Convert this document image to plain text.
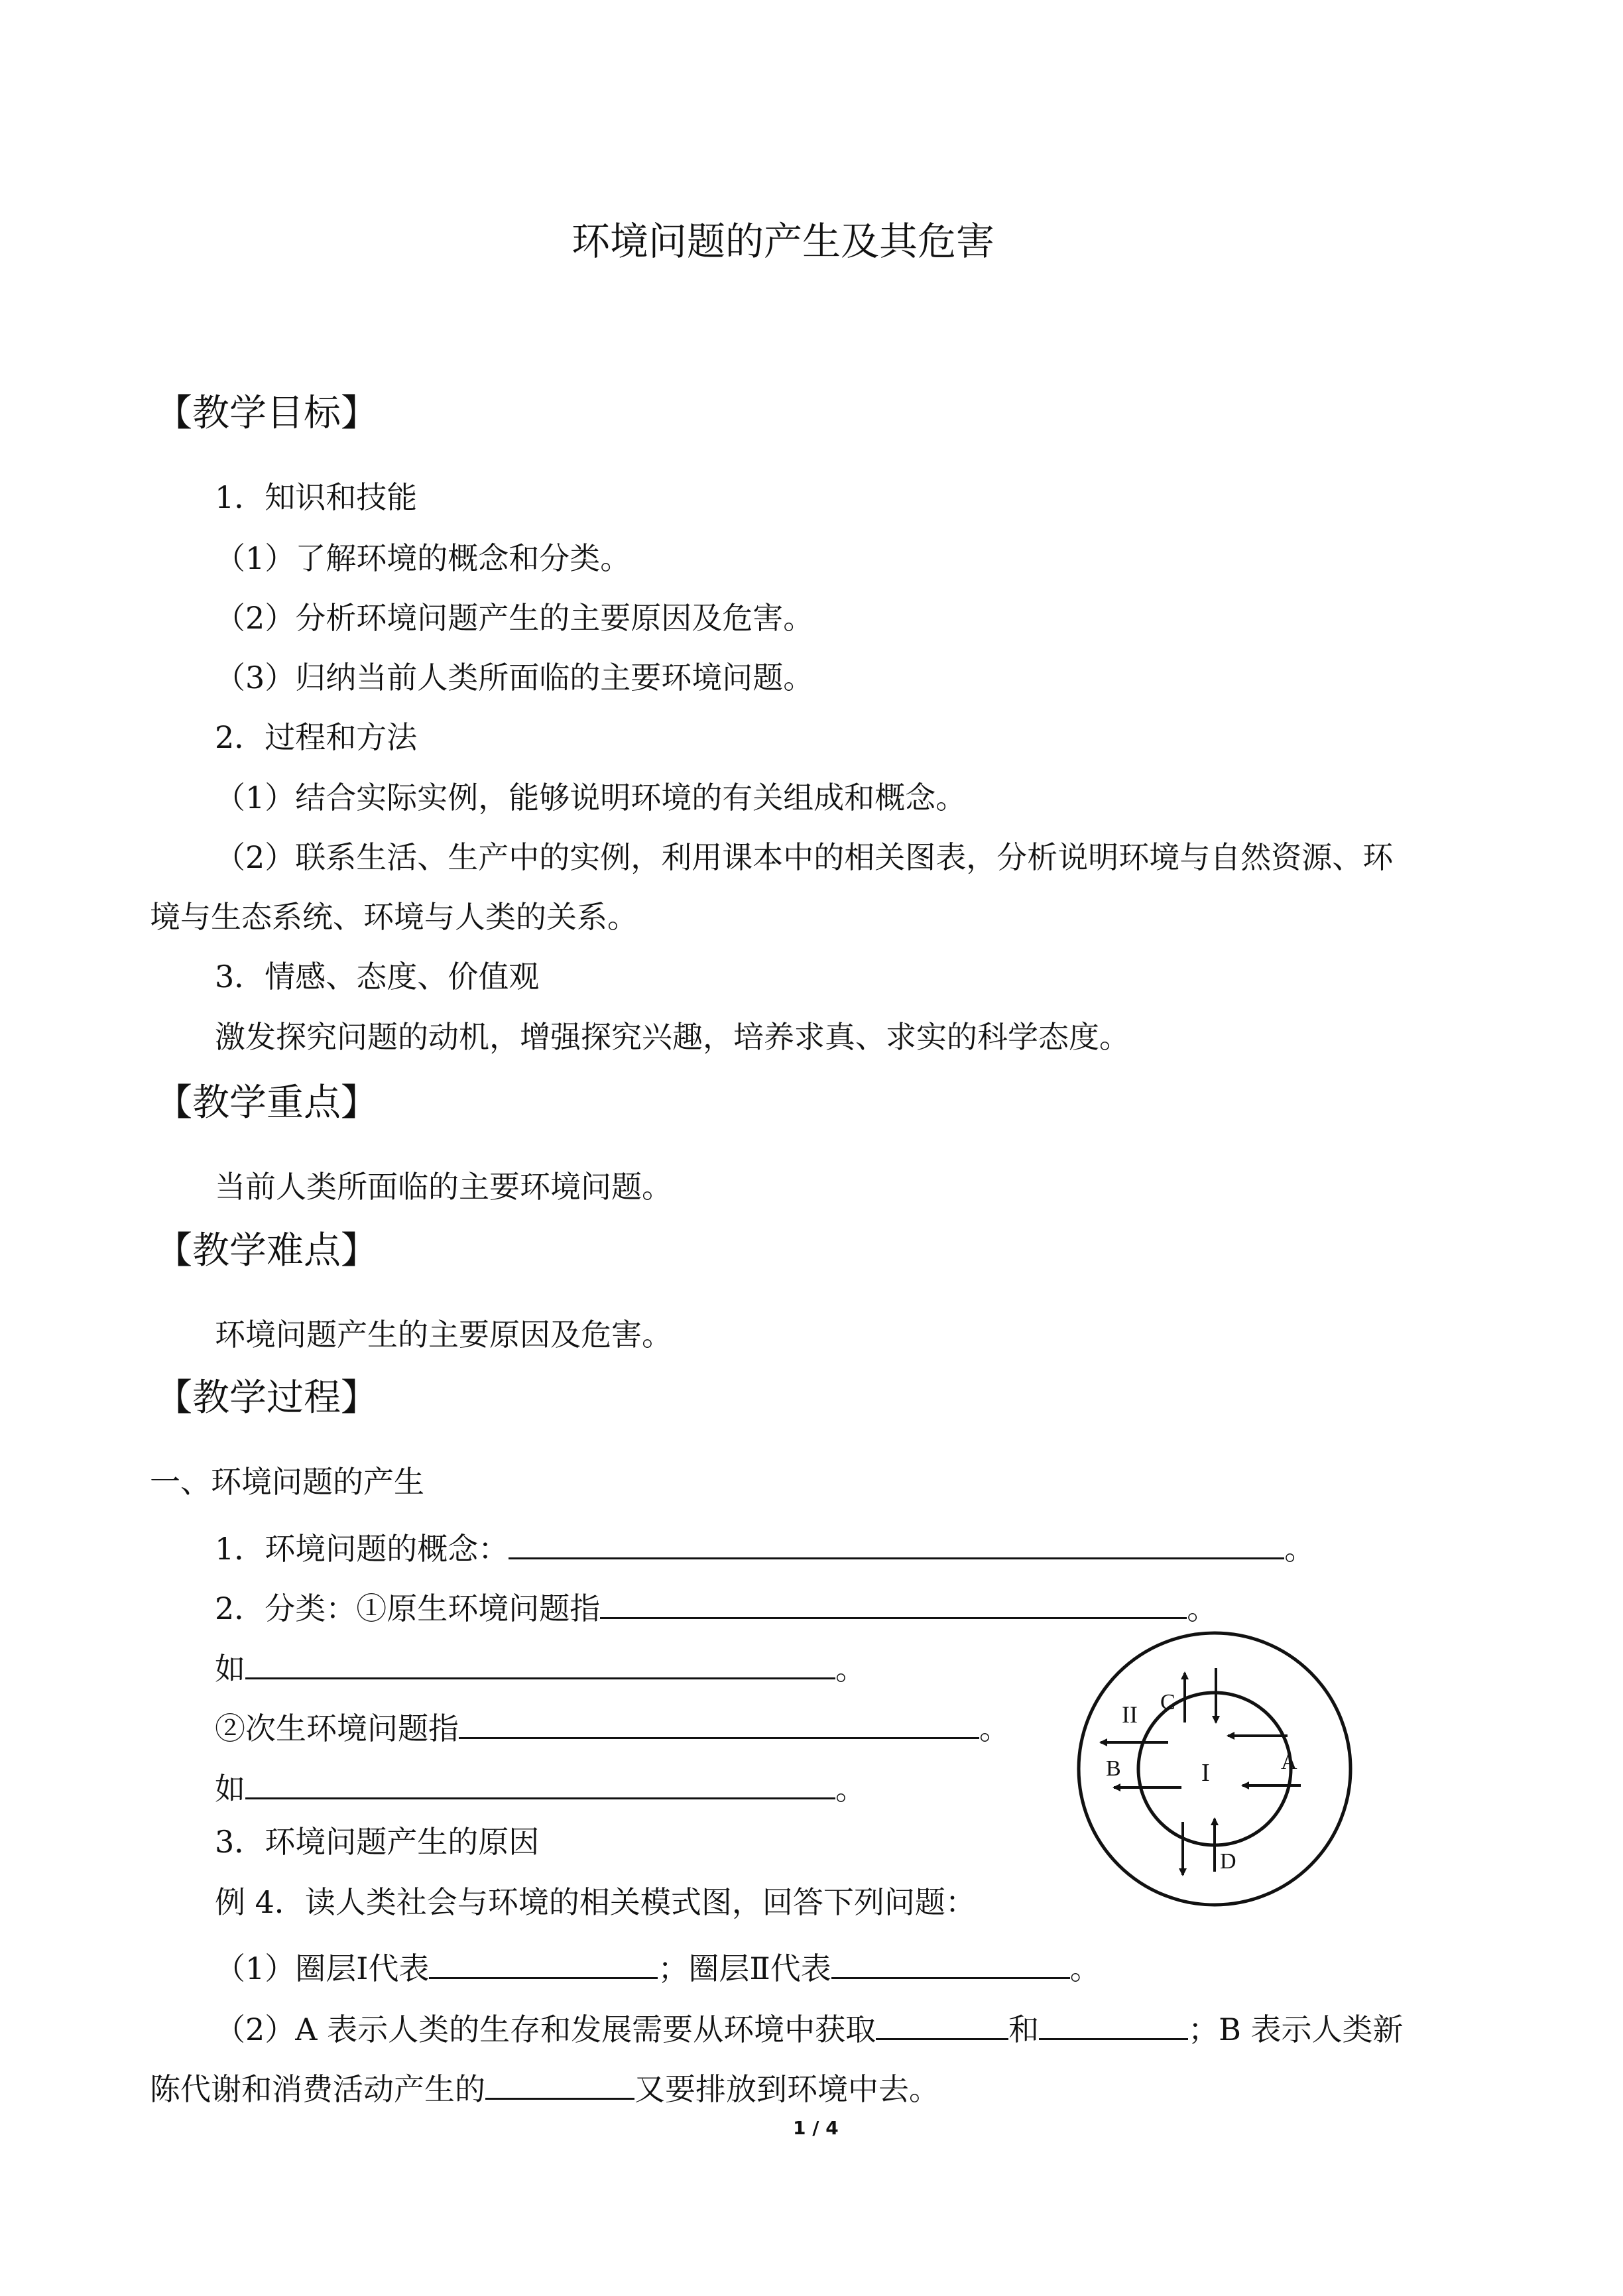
环境问题的产生及其危害
【教学目标】
1．知识和技能
（1）了解环境的概念和分类。
（2）分析环境问题产生的主要原因及危害。
（3）归纳当前人类所面临的主要环境问题。
2．过程和方法
（1）结合实际实例，能够说明环境的有关组成和概念。
（2）联系生活、生产中的实例，利用课本中的相关图表，分析说明环境与自然资源、环
境与生态系统、环境与人类的关系。
3．情感、态度、价值观
激发探究问题的动机，增强探究兴趣，培养求真、求实的科学态度。
【教学重点】
当前人类所面临的主要环境问题。
【教学难点】
环境问题产生的主要原因及危害。
【教学过程】
一、环境问题的产生
1．环境问题的概念：	。
2．分类：①原生环境问题指	。
如	。
②次生环境问题指	。
如	。
3．环境问题产生的原因
例 4．读人类社会与环境的相关模式图，回答下列问题：
（1）圈层Ⅰ代表	；圈层Ⅱ代表	。
（2）A 表示人类的生存和发展需要从环境中获取	和	；B 表示人类新
陈代谢和消费活动产生的	又要排放到环境中去。
I
II
A
B
C
D
1 / 4
